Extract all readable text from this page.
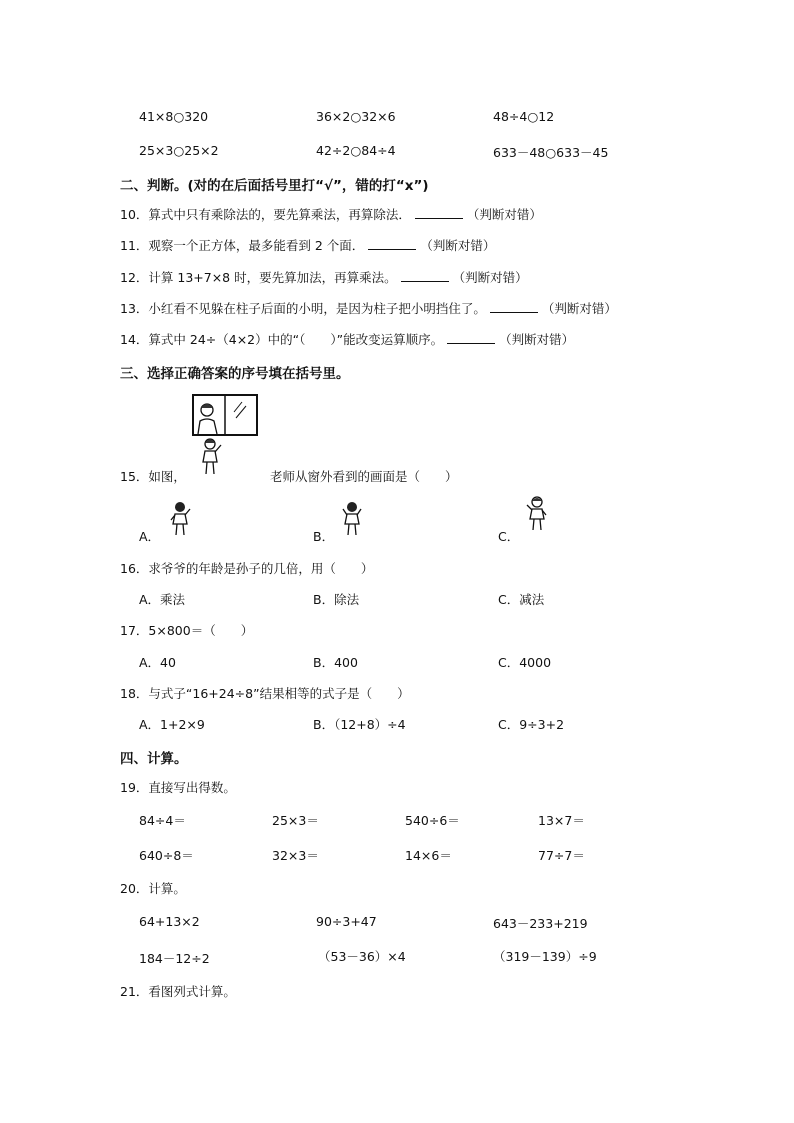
41×8○320	36×2○32×6	48÷4○12
25×3○25×2	42÷2○84÷4	633－48○633－45
二、判断。(对的在后面括号里打“√”，错的打“x”)
10．算式中只有乘除法的，要先算乘法，再算除法．	（判断对错）
11．观察一个正方体，最多能看到 2 个面．	（判断对错）
12．计算 13+7×8 时，要先算加法，再算乘法。	（判断对错）
13．小红看不见躲在柱子后面的小明，是因为柱子把小明挡住了。	（判断对错）
14．算式中 24÷（4×2）中的“（　　）”能改变运算顺序。	（判断对错）
三、选择正确答案的序号填在括号里。
15．如图，	老师从窗外看到的画面是（　　）
A．	B．	C．
16．求爷爷的年龄是孙子的几倍，用（　　）
A．乘法	B．除法	C．减法
17．5×800＝（　　）
A．40	B．400	C．4000
18．与式子“16+24÷8”结果相等的式子是（　　）
A．1+2×9	B．（12+8）÷4	C．9÷3+2
四、计算。
19．直接写出得数。
84÷4＝	25×3＝	540÷6＝	13×7＝
640÷8＝	32×3＝	14×6＝	77÷7＝
20．计算。
64+13×2	90÷3+47	643－233+219
184－12÷2	（53－36）×4	（319－139）÷9
21．看图列式计算。
